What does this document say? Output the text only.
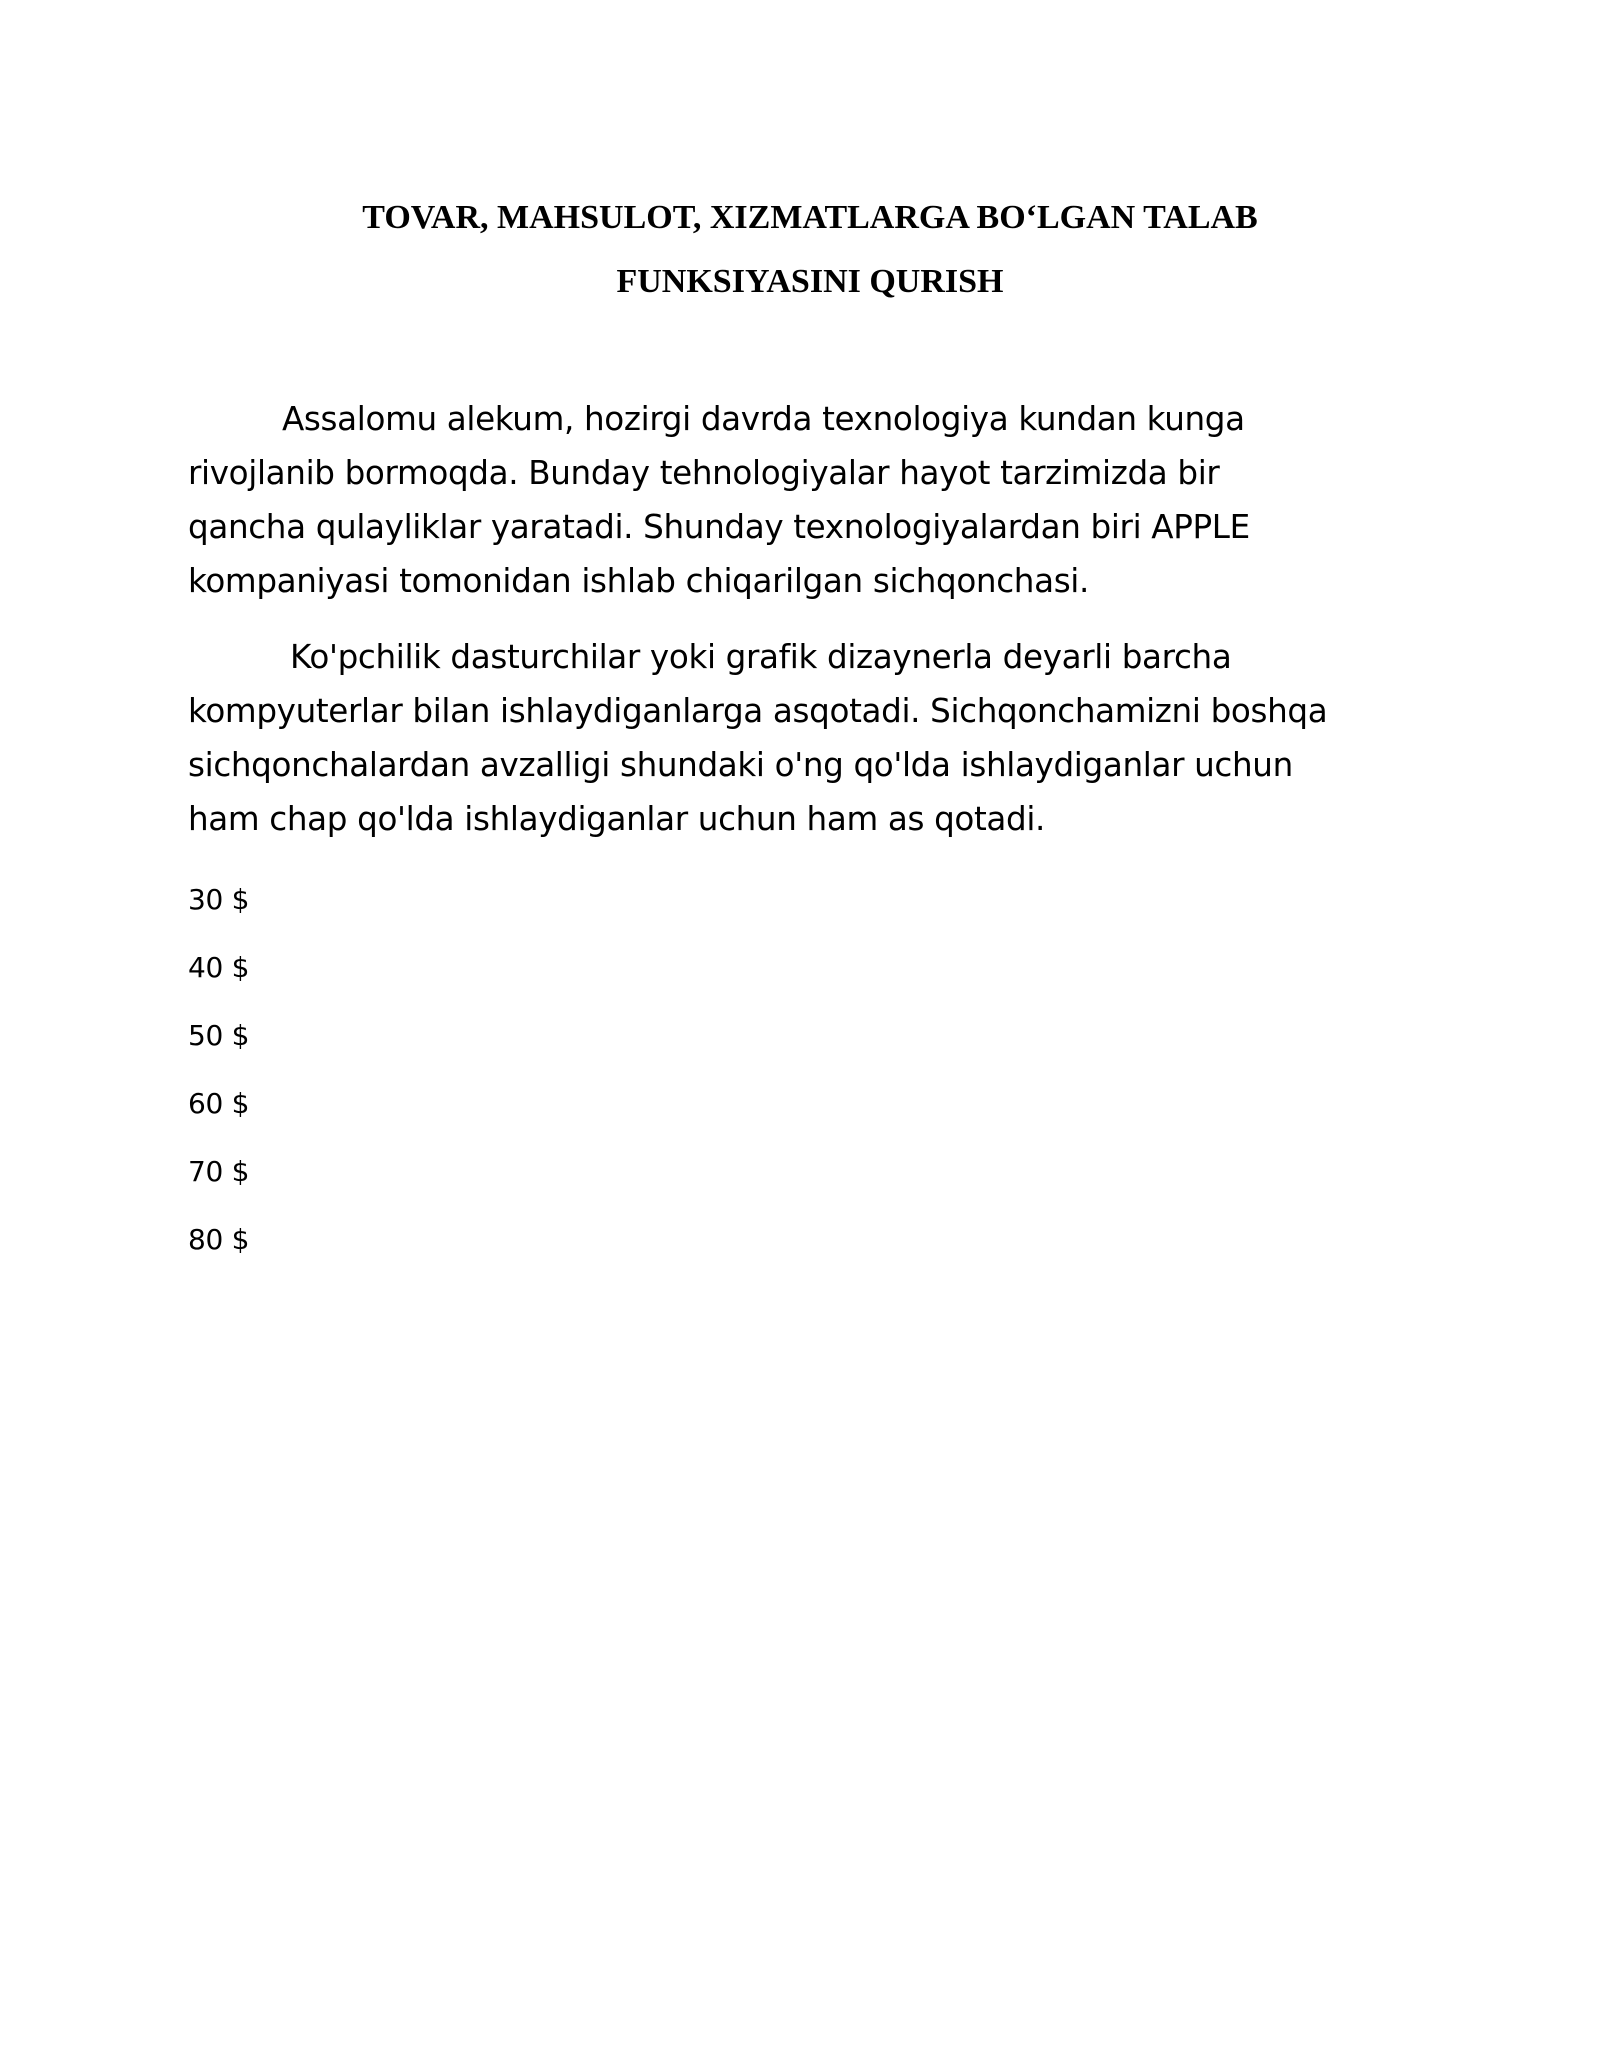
TOVAR, MAHSULOT, XIZMATLARGA BO‘LGAN TALAB
FUNKSIYASINI QURISH
Assalomu alekum, hozirgi davrda texnologiya kundan kunga
rivojlanib bormoqda. Bunday tehnologiyalar hayot tarzimizda bir
qancha qulayliklar yaratadi. Shunday texnologiyalardan biri APPLE
kompaniyasi tomonidan ishlab chiqarilgan sichqonchasi.
Ko'pchilik dasturchilar yoki grafik dizaynerla deyarli barcha
kompyuterlar bilan ishlaydiganlarga asqotadi. Sichqonchamizni boshqa
sichqonchalardan avzalligi shundaki o'ng qo'lda ishlaydiganlar uchun
ham chap qo'lda ishlaydiganlar uchun ham as qotadi.
30 $
40 $
50 $
60 $
70 $
80 $
